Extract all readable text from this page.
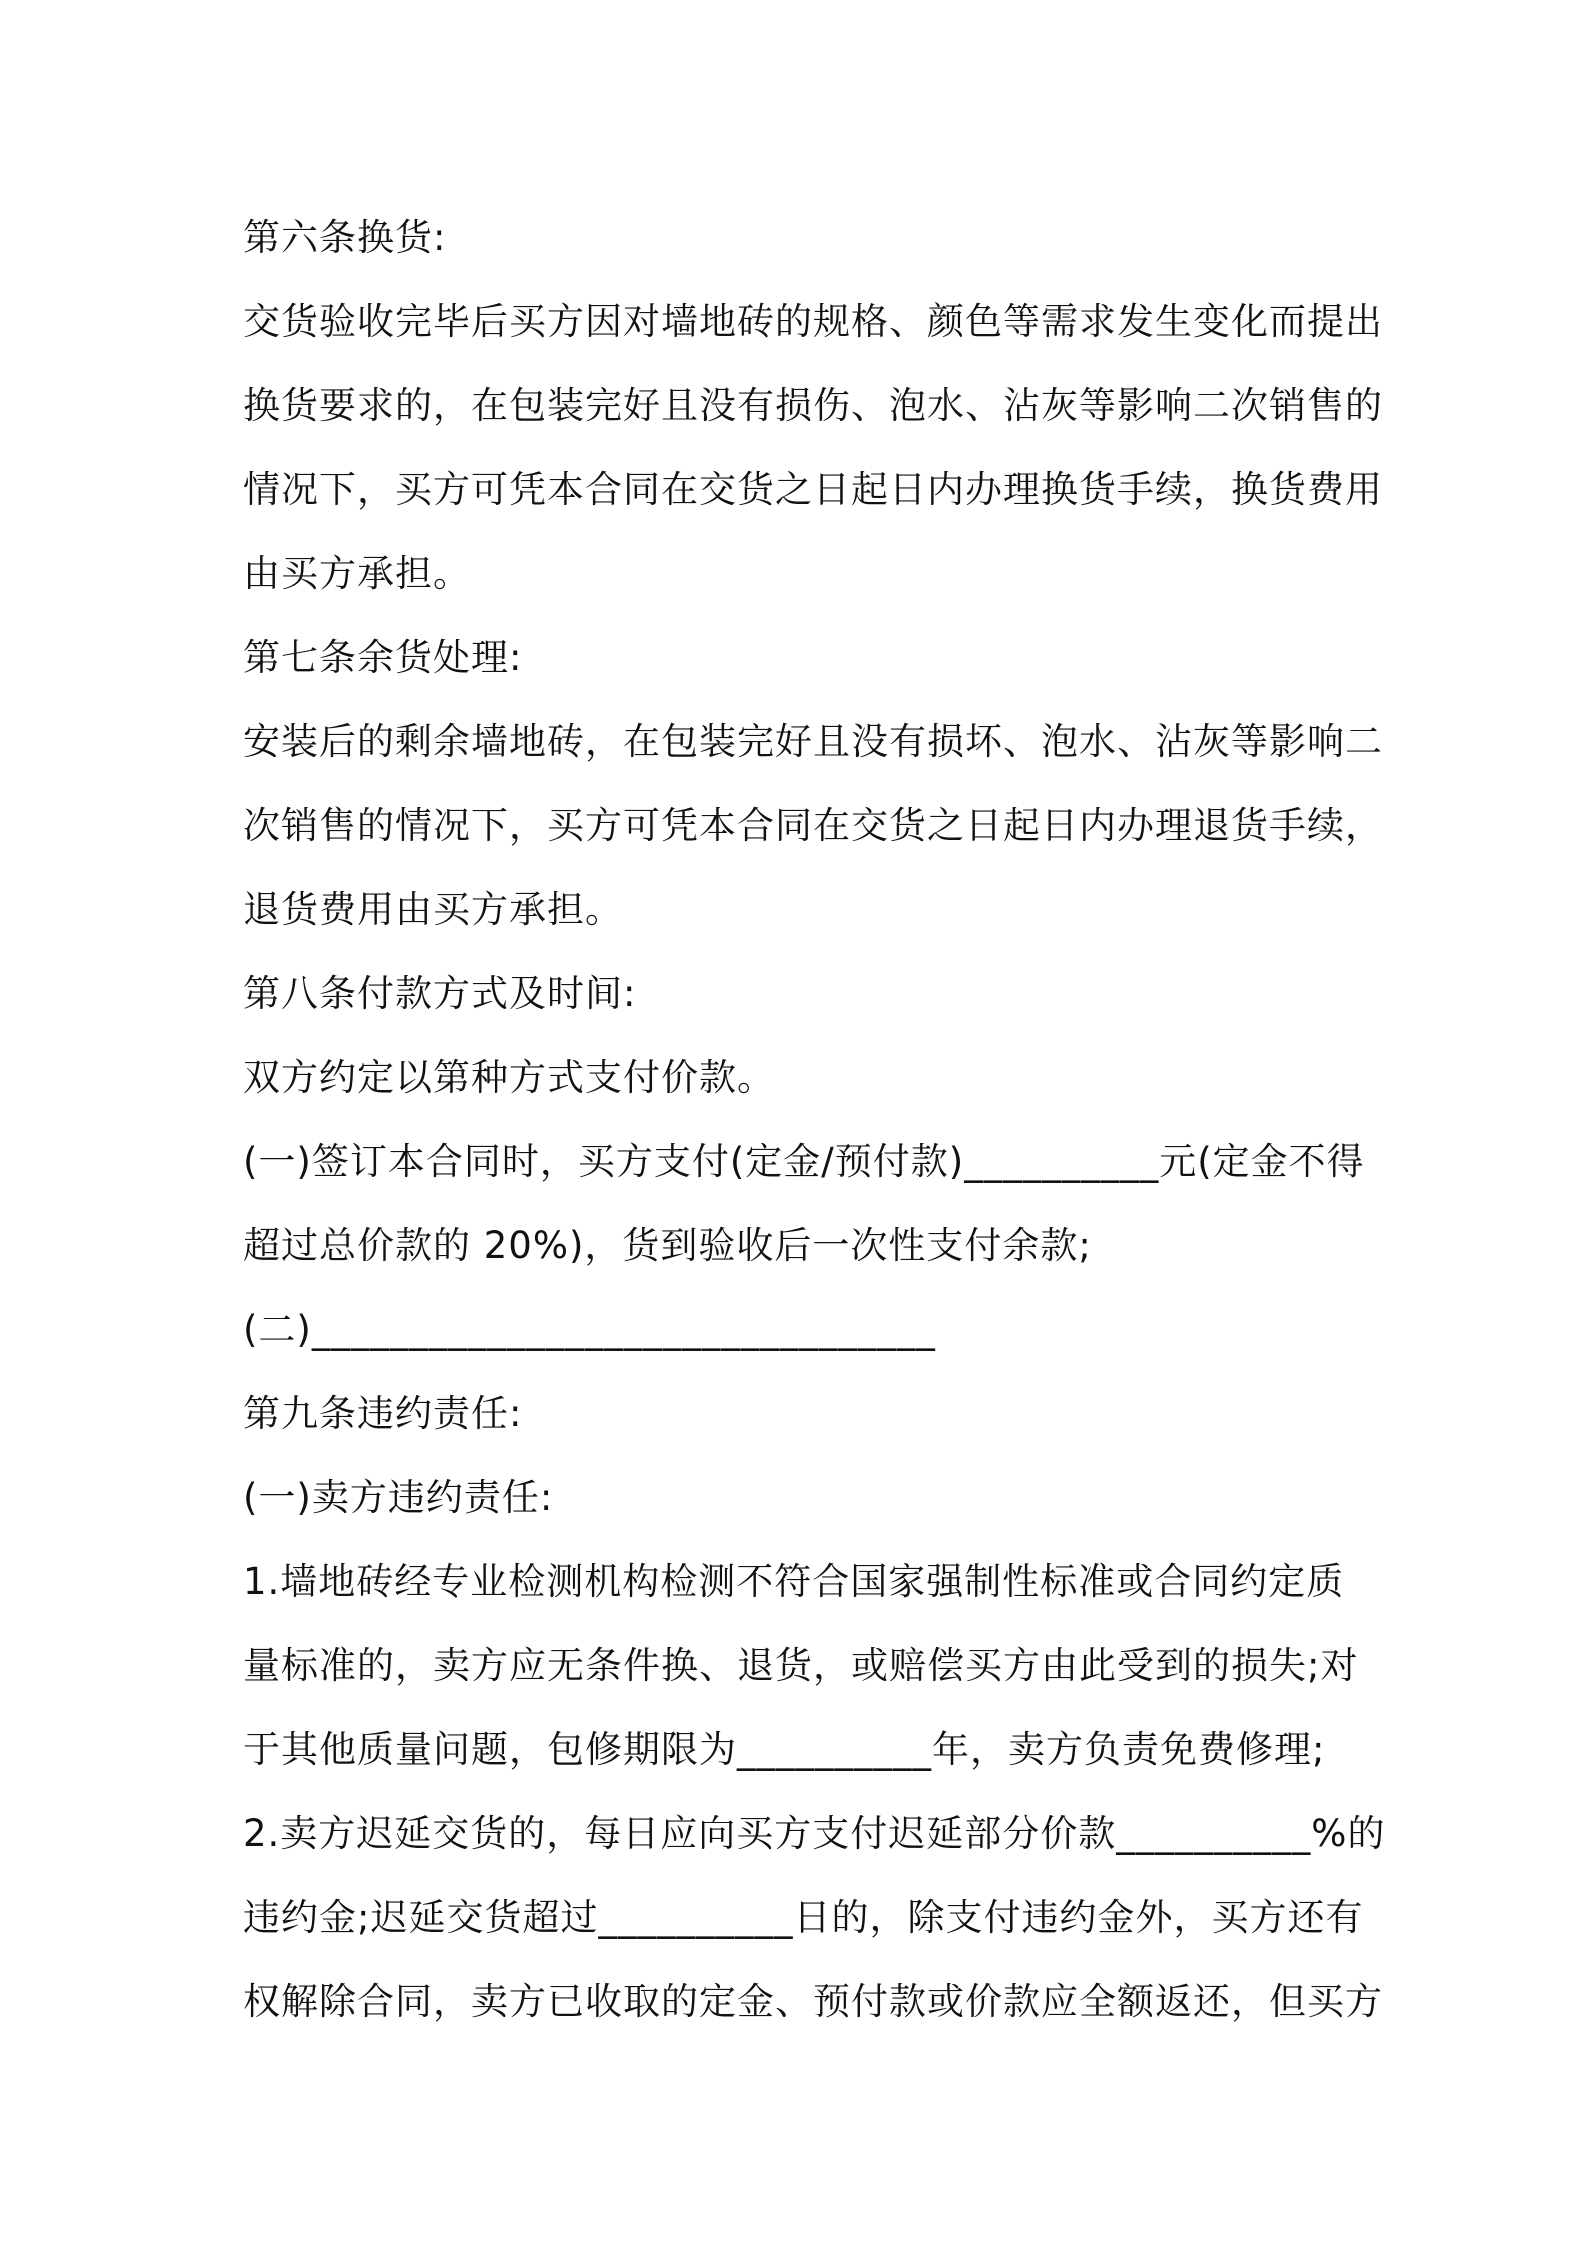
第六条换货:
交货验收完毕后买方因对墙地砖的规格、颜色等需求发生变化而提出
换货要求的，在包装完好且没有损伤、泡水、沾灰等影响二次销售的
情况下，买方可凭本合同在交货之日起日内办理换货手续，换货费用
由买方承担。
第七条余货处理:
安装后的剩余墙地砖，在包装完好且没有损坏、泡水、沾灰等影响二
次销售的情况下，买方可凭本合同在交货之日起日内办理退货手续，
退货费用由买方承担。
第八条付款方式及时间:
双方约定以第种方式支付价款。
(一)签订本合同时，买方支付(定金/预付款)__________元(定金不得
超过总价款的 20%)，货到验收后一次性支付余款;
(二)________________________________
第九条违约责任:
(一)卖方违约责任:
1.墙地砖经专业检测机构检测不符合国家强制性标准或合同约定质
量标准的，卖方应无条件换、退货，或赔偿买方由此受到的损失;对
于其他质量问题，包修期限为__________年，卖方负责免费修理;
2.卖方迟延交货的，每日应向买方支付迟延部分价款__________%的
违约金;迟延交货超过__________日的，除支付违约金外，买方还有
权解除合同，卖方已收取的定金、预付款或价款应全额返还，但买方
